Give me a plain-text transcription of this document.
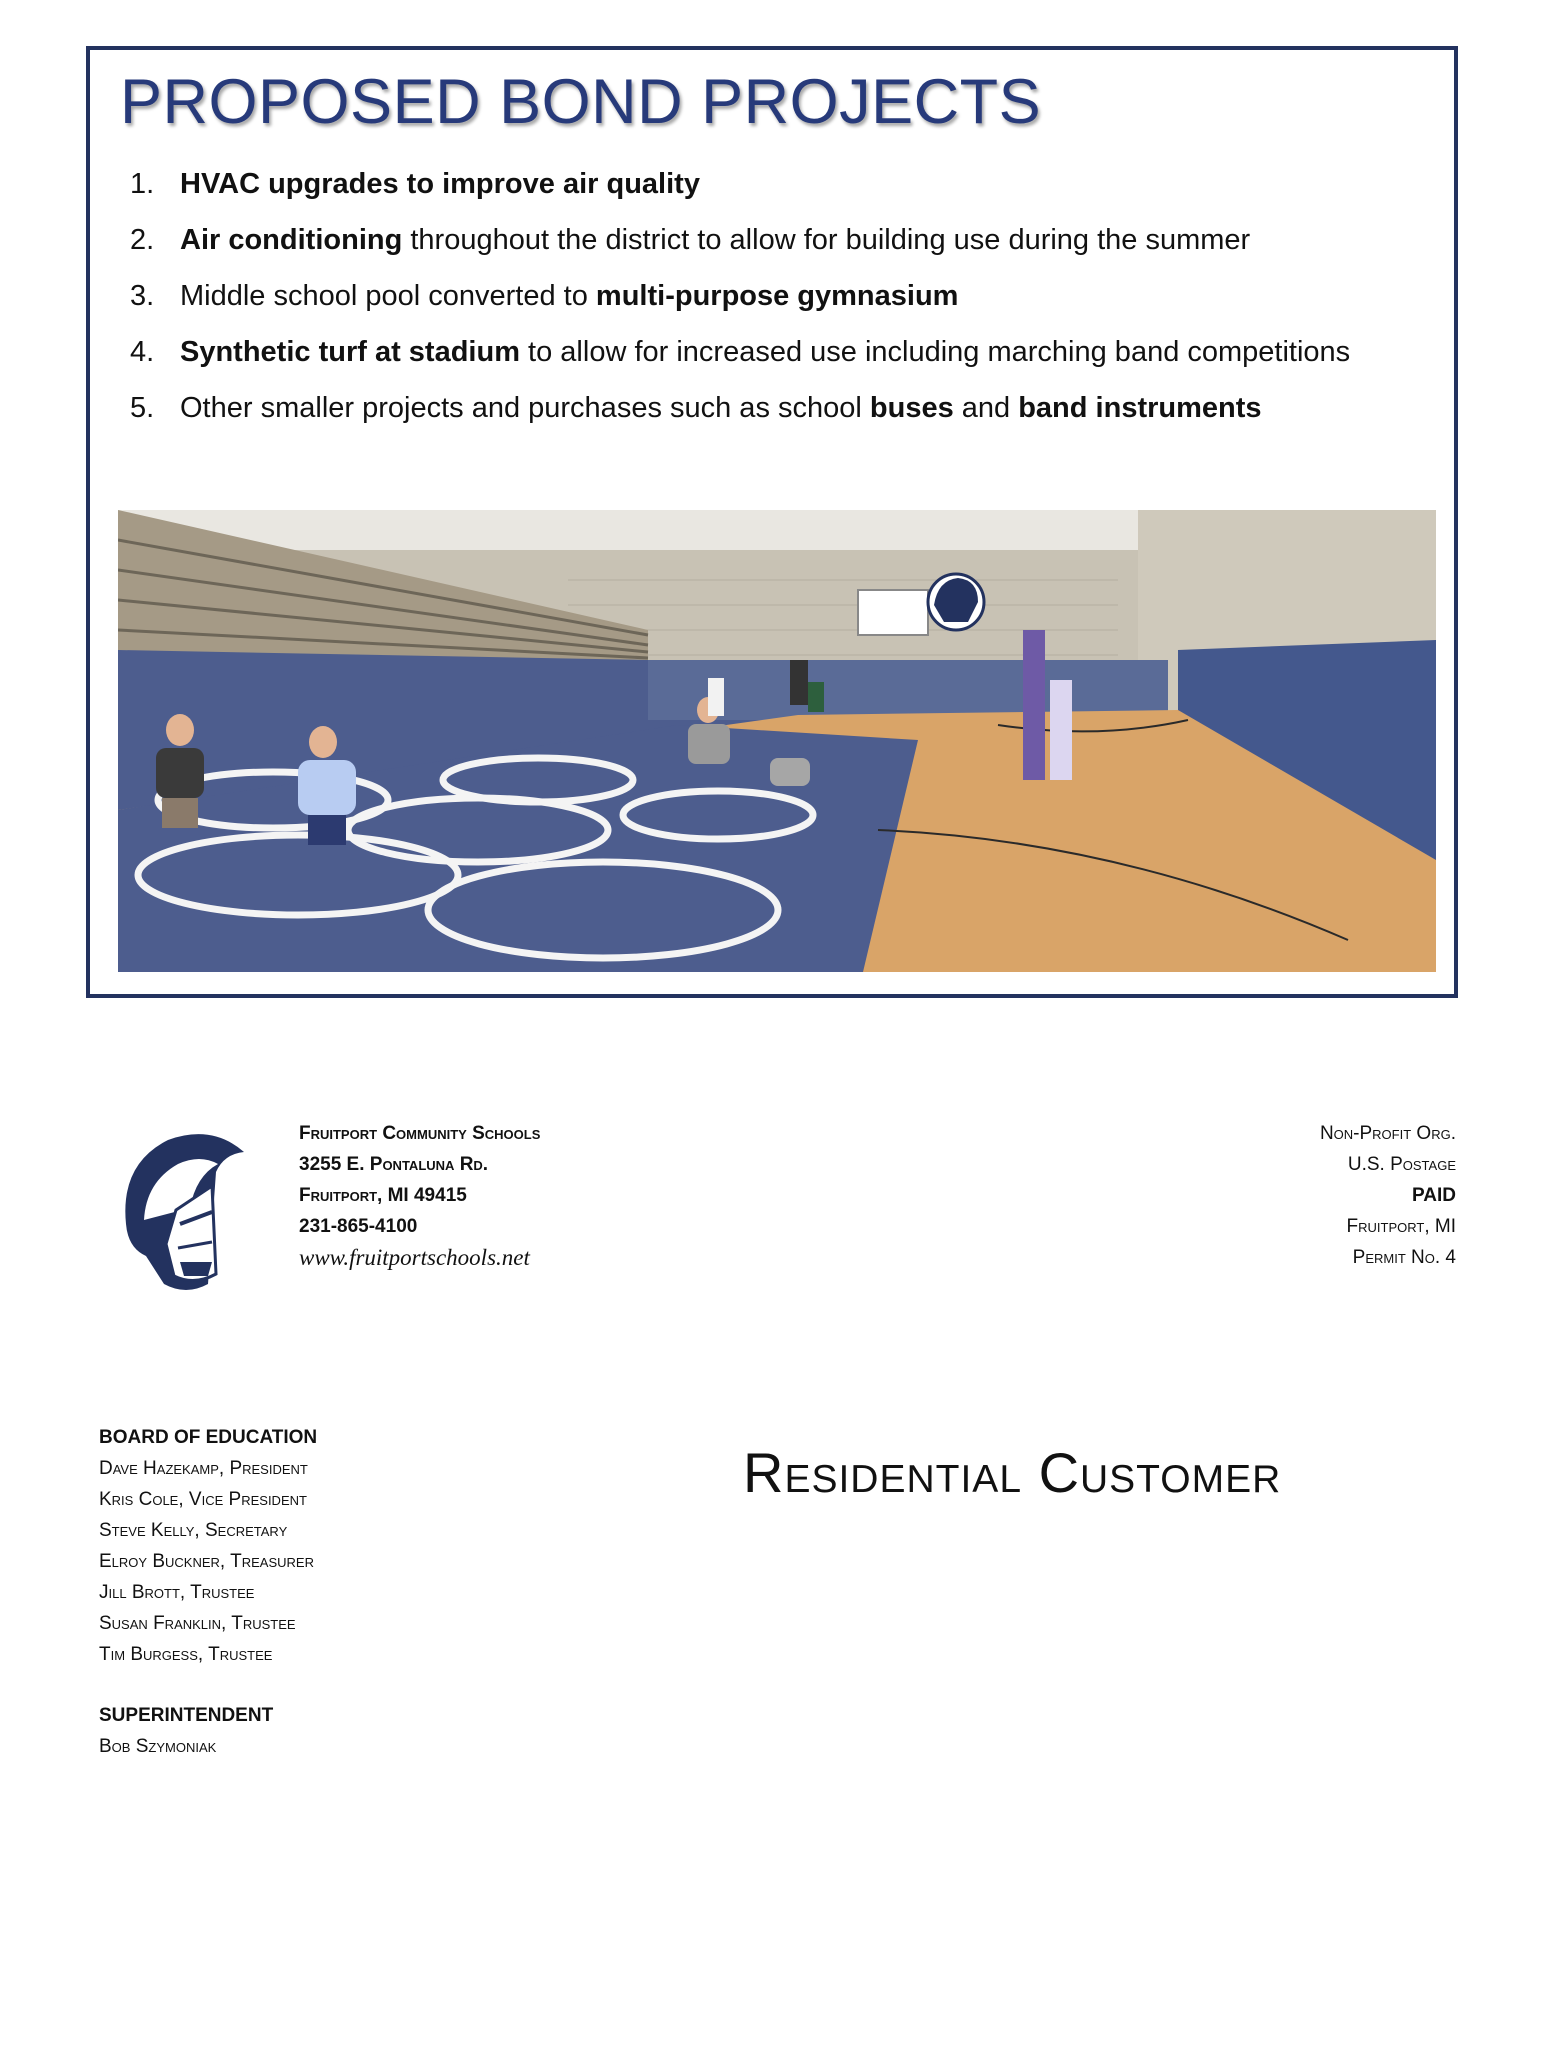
PROPOSED BOND PROJECTS
1. HVAC upgrades to improve air quality
2. Air conditioning throughout the district to allow for building use during the summer
3. Middle school pool converted to multi-purpose gymnasium
4. Synthetic turf at stadium to allow for increased use including marching band competitions
5. Other smaller projects and purchases such as school buses and band instruments
Fruitport Community Schools
3255 E. Pontaluna Rd.
Fruitport, MI 49415
231-865-4100
www.fruitportschools.net
Non-Profit Org.
U.S. Postage
PAID
Fruitport, MI
Permit No. 4
BOARD OF EDUCATION
Dave Hazekamp, President
Kris Cole, Vice President
Steve Kelly, Secretary
Elroy Buckner, Treasurer
Jill Brott, Trustee
Susan Franklin, Trustee
Tim Burgess, Trustee
SUPERINTENDENT
Bob Szymoniak
Residential Customer
